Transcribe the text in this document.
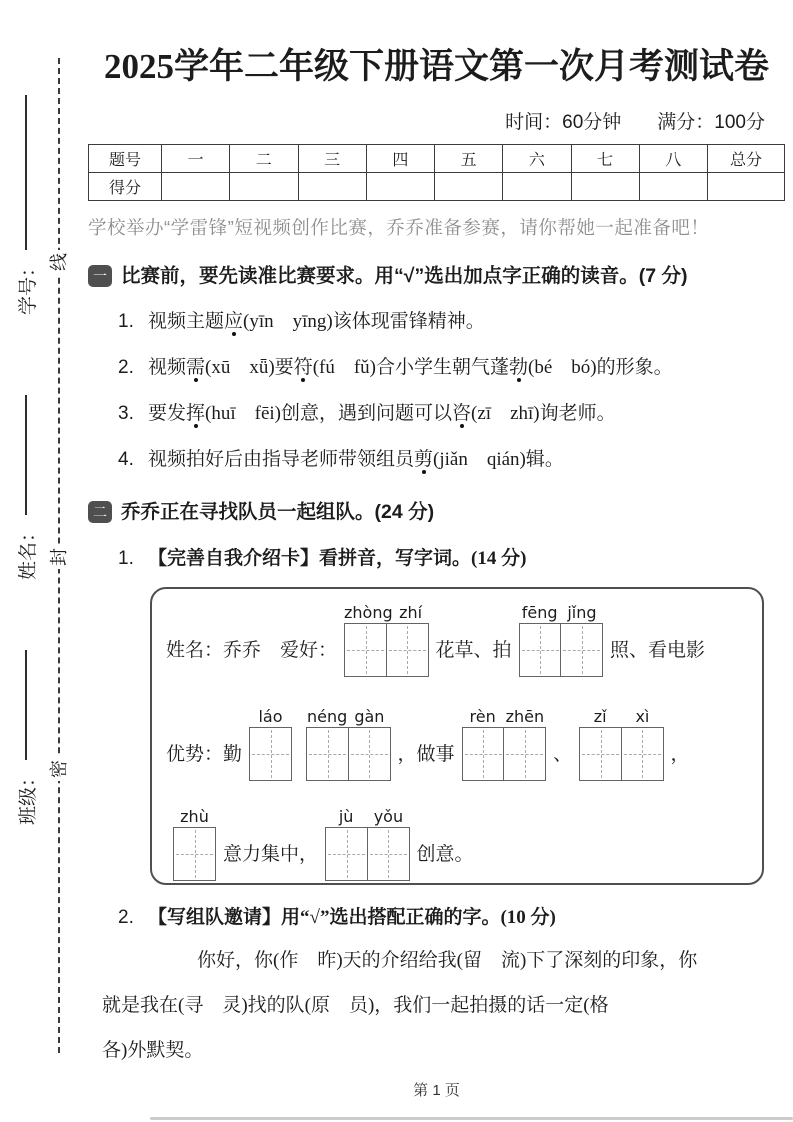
学号：
姓名：
班级：
线
封
密
2025学年二年级下册语文第一次月考测试卷
时间：60分钟 满分：100分
题号	一	二	三	四	五	六	七	八	总分
得分									
学校举办“学雷锋”短视频创作比赛，乔乔准备参赛，请你帮她一起准备吧！
一 比赛前，要先读准比赛要求。用“√”选出加点字正确的读音。(7 分)
1. 视频主题应(yīn　yīng)该体现雷锋精神。
2. 视频需(xū　xǖ)要符(fú　fǔ)合小学生朝气蓬勃(bé　bó)的形象。
3. 要发挥(huī　fēi)创意，遇到问题可以咨(zī　zhī)询老师。
4. 视频拍好后由指导老师带领组员剪(jiǎn　qián)辑。
二 乔乔正在寻找队员一起组队。(24 分)
1. 【完善自我介绍卡】看拼音，写字词。(14 分)
姓名：乔乔　爱好：
zhòng zhí
花草、拍
fēng jǐng
照、看电影
优势：勤
láo	néng gàn
，做事
rèn zhēn
、
zǐ	xì
，
zhù
意力集中，
jù	yǒu
创意。
2. 【写组队邀请】用“√”选出搭配正确的字。(10 分)
你好，你(作　昨)天的介绍给我(留　流)下了深刻的印象，你
就是我在(寻　灵)找的队(原　员)，我们一起拍摄的话一定(格
各)外默契。
第 1 页
